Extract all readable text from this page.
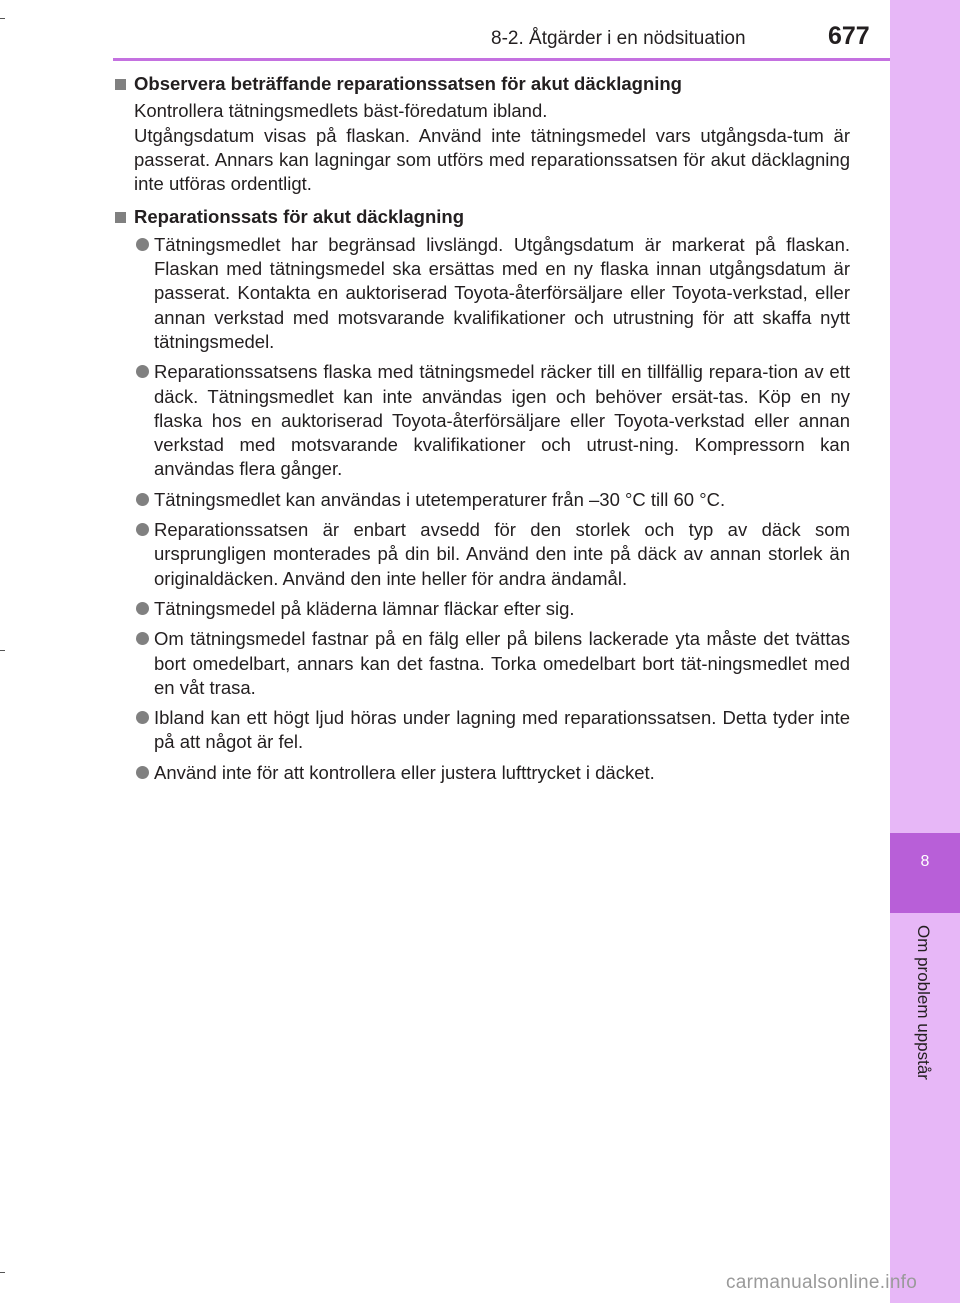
8
Om problem uppstår
8-2. Åtgärder i en nödsituation	677
Observera beträffande reparationssatsen för akut däcklagning
Kontrollera tätningsmedlets bäst-föredatum ibland.
Utgångsdatum visas på flaskan. Använd inte tätningsmedel vars utgångsda-tum är passerat. Annars kan lagningar som utförs med reparationssatsen för akut däcklagning inte utföras ordentligt.
Reparationssats för akut däcklagning
Tätningsmedlet har begränsad livslängd. Utgångsdatum är markerat på flaskan. Flaskan med tätningsmedel ska ersättas med en ny flaska innan utgångsdatum är passerat. Kontakta en auktoriserad Toyota-återförsäljare eller Toyota-verkstad, eller annan verkstad med motsvarande kvalifikationer och utrustning för att skaffa nytt tätningsmedel.
Reparationssatsens flaska med tätningsmedel räcker till en tillfällig repara-tion av ett däck. Tätningsmedlet kan inte användas igen och behöver ersät-tas. Köp en ny flaska hos en auktoriserad Toyota-återförsäljare eller Toyota-verkstad eller annan verkstad med motsvarande kvalifikationer och utrust-ning. Kompressorn kan användas flera gånger.
Tätningsmedlet kan användas i utetemperaturer från –30 °C till 60 °C.
Reparationssatsen är enbart avsedd för den storlek och typ av däck som ursprungligen monterades på din bil. Använd den inte på däck av annan storlek än originaldäcken. Använd den inte heller för andra ändamål.
Tätningsmedel på kläderna lämnar fläckar efter sig.
Om tätningsmedel fastnar på en fälg eller på bilens lackerade yta måste det tvättas bort omedelbart, annars kan det fastna. Torka omedelbart bort tät-ningsmedlet med en våt trasa.
Ibland kan ett högt ljud höras under lagning med reparationssatsen. Detta tyder inte på att något är fel.
Använd inte för att kontrollera eller justera lufttrycket i däcket.
carmanualsonline.info
